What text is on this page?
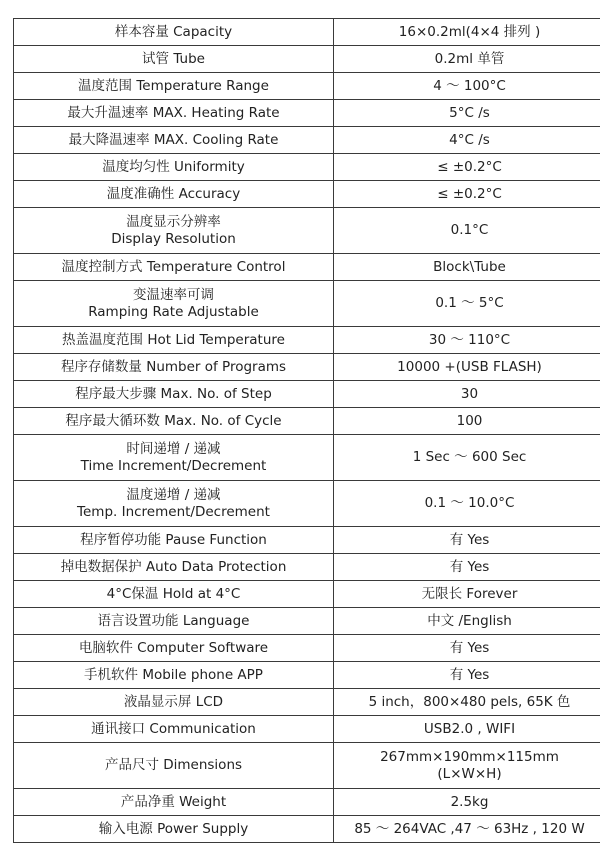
样本容量 Capacity	16×0.2ml(4×4 排列 )
试管 Tube	0.2ml 单管
温度范围 Temperature Range	4 ～ 100°C
最大升温速率 MAX. Heating Rate	5°C /s
最大降温速率 MAX. Cooling Rate	4°C /s
温度均匀性 Uniformity	≤ ±0.2°C
温度准确性 Accuracy	≤ ±0.2°C
温度显示分辨率
Display Resolution	0.1°C
温度控制方式 Temperature Control	Block\Tube
变温速率可调
Ramping Rate Adjustable	0.1 ～ 5°C
热盖温度范围 Hot Lid Temperature	30 ～ 110°C
程序存储数量 Number of Programs	10000 +(USB FLASH)
程序最大步骤 Max. No. of Step	30
程序最大循环数 Max. No. of Cycle	100
时间递增 / 递减
Time Increment/Decrement	1 Sec ～ 600 Sec
温度递增 / 递减
Temp. Increment/Decrement	0.1 ～ 10.0°C
程序暂停功能 Pause Function	有 Yes
掉电数据保护 Auto Data Protection	有 Yes
4°C保温 Hold at 4°C	无限长 Forever
语言设置功能 Language	中文 /English
电脑软件 Computer Software	有 Yes
手机软件 Mobile phone APP	有 Yes
液晶显示屏 LCD	5 inch，800×480 pels, 65K 色
通讯接口 Communication	USB2.0 , WIFI
产品尺寸 Dimensions	267mm×190mm×115mm
(L×W×H)
产品净重 Weight	2.5kg
输入电源 Power Supply	85 ～ 264VAC ,47 ～ 63Hz , 120 W
